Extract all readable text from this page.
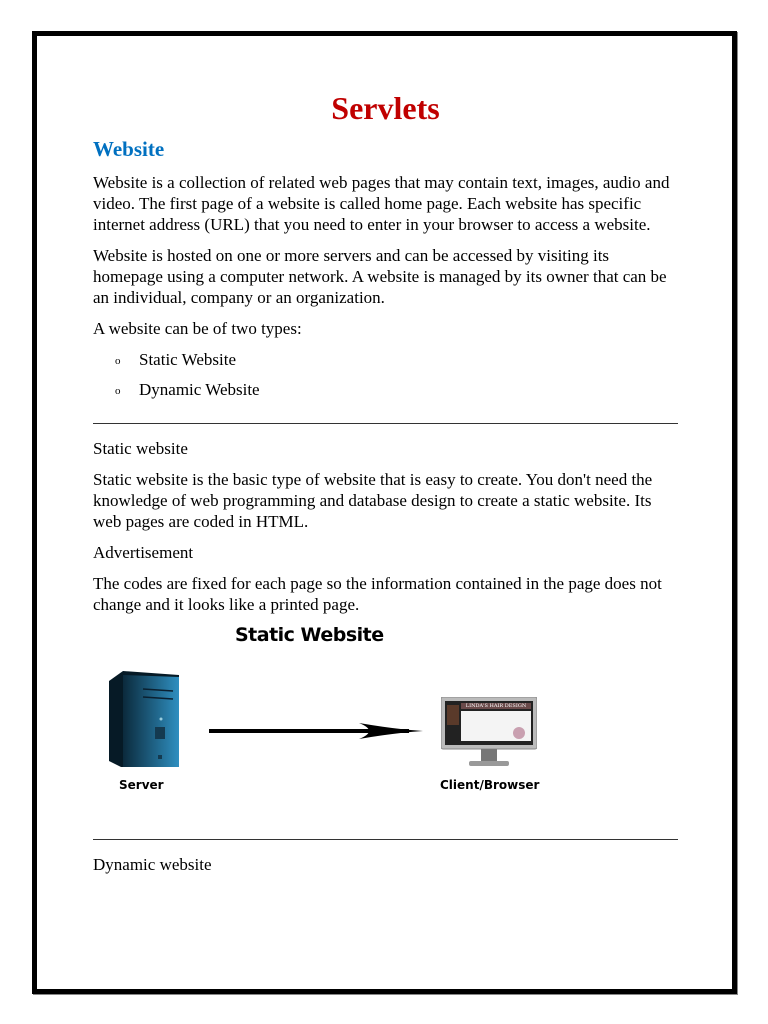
Servlets
Website

Website is a collection of related web pages that may contain text, images, audio and video. The first page of a website is called home page. Each website has specific internet address (URL) that you need to enter in your browser to access a website.

Website is hosted on one or more servers and can be accessed by visiting its homepage using a computer network. A website is managed by its owner that can be an individual, company or an organization.

A website can be of two types:

o Static Website
o Dynamic Website

Static website

Static website is the basic type of website that is easy to create. You don't need the knowledge of web programming and database design to create a static website. Its web pages are coded in HTML.

Advertisement

The codes are fixed for each page so the information contained in the page does not change and it looks like a printed page.

Static Website
LINDA'S HAIR DESIGN
Server	Client/Browser

Dynamic website
